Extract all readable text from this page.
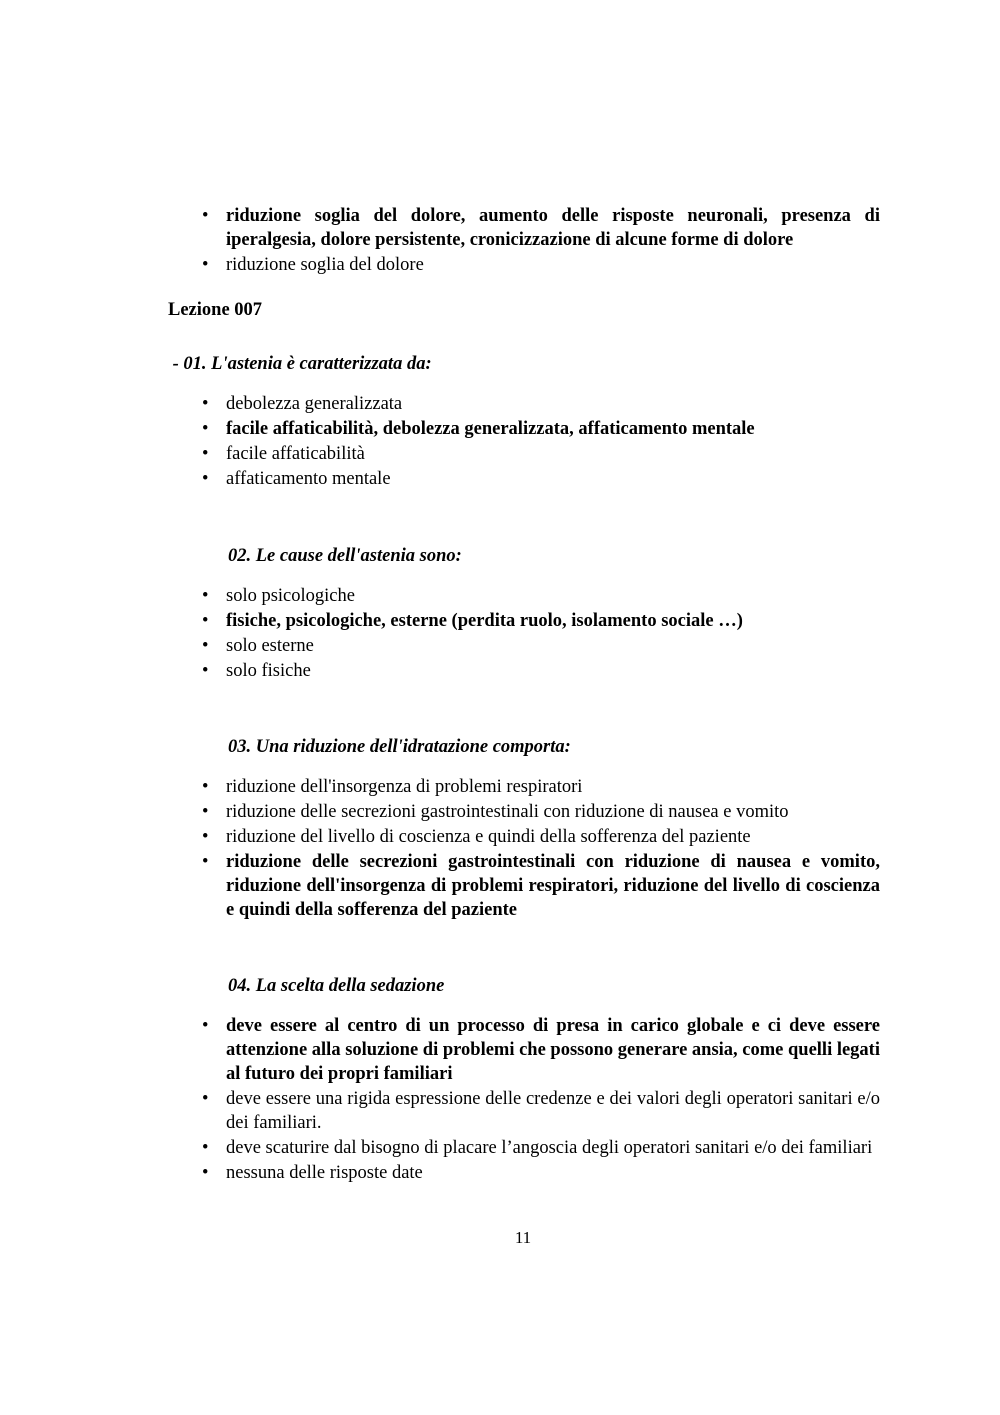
• riduzione soglia del dolore, aumento delle risposte neuronali, presenza di iperalgesia, dolore persistente, cronicizzazione di alcune forme di dolore
• riduzione soglia del dolore
Lezione 007
- 01. L'astenia è caratterizzata da:
• debolezza generalizzata
• facile affaticabilità, debolezza generalizzata, affaticamento mentale
• facile affaticabilità
• affaticamento mentale
02. Le cause dell'astenia sono:
• solo psicologiche
• fisiche, psicologiche, esterne (perdita ruolo, isolamento sociale …)
• solo esterne
• solo fisiche
03. Una riduzione dell'idratazione comporta:
• riduzione dell'insorgenza di problemi respiratori
• riduzione delle secrezioni gastrointestinali con riduzione di nausea e vomito
• riduzione del livello di coscienza e quindi della sofferenza del paziente
• riduzione delle secrezioni gastrointestinali con riduzione di nausea e vomito, riduzione dell'insorgenza di problemi respiratori, riduzione del livello di coscienza e quindi della sofferenza del paziente
04. La scelta della sedazione
• deve essere al centro di un processo di presa in carico globale e ci deve essere attenzione alla soluzione di problemi che possono generare ansia, come quelli legati al futuro dei propri familiari
• deve essere una rigida espressione delle credenze e dei valori degli operatori sanitari e/o dei familiari.
• deve scaturire dal bisogno di placare l’angoscia degli operatori sanitari e/o dei familiari
• nessuna delle risposte date
11
